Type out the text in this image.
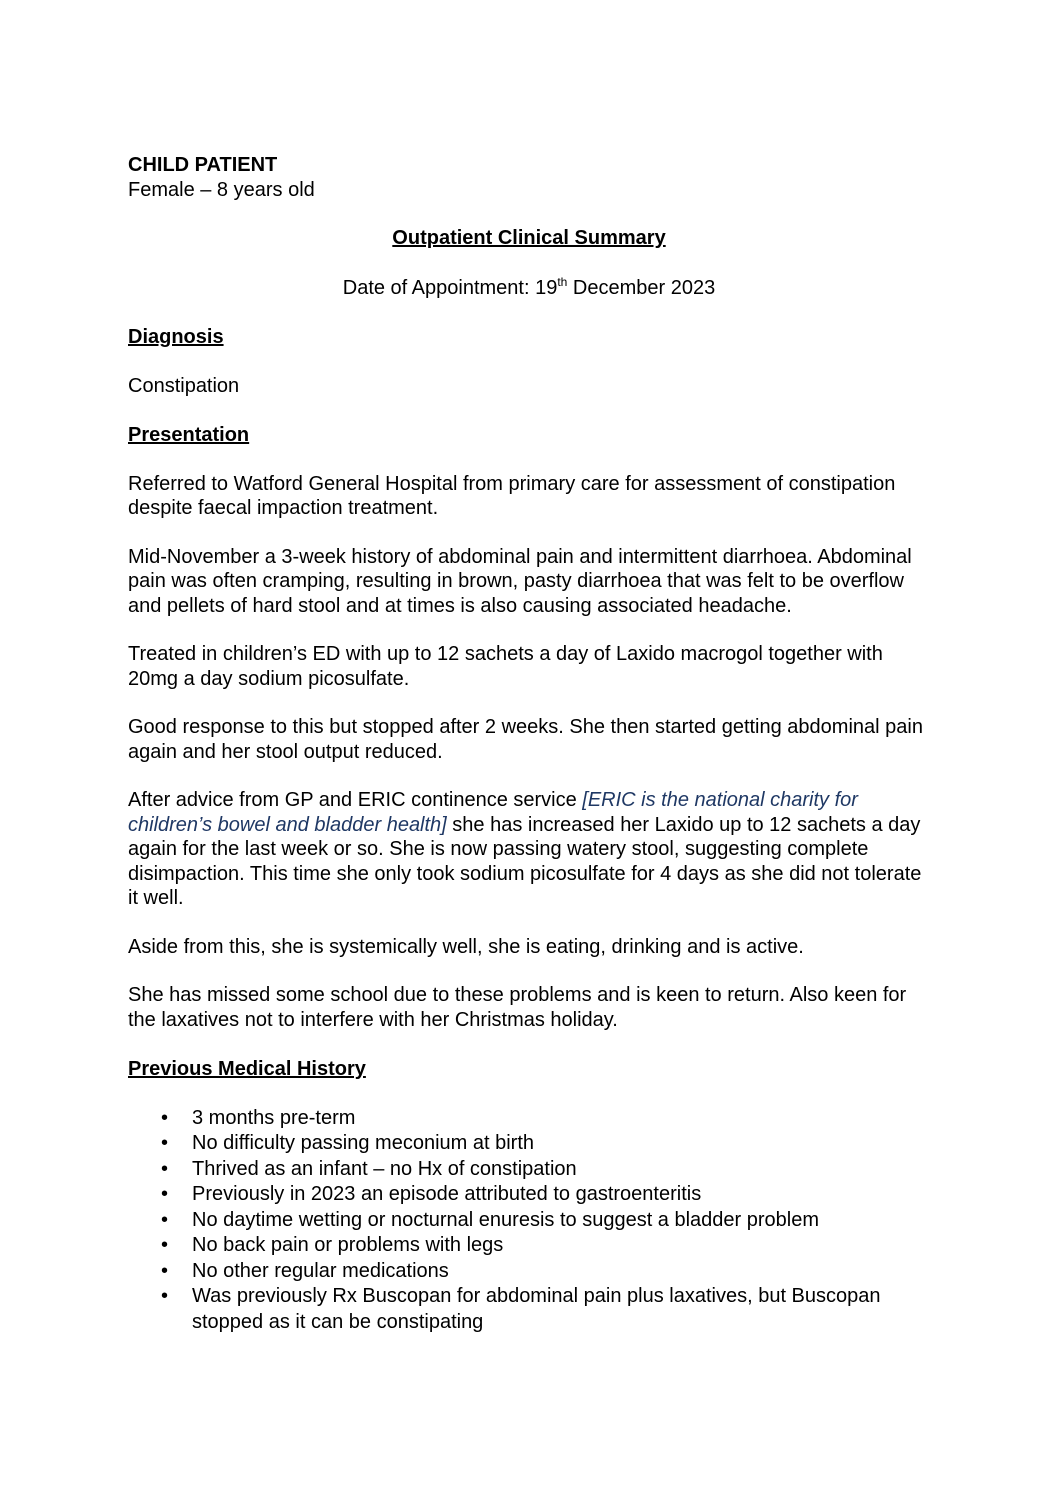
CHILD PATIENT
Female – 8 years old
Outpatient Clinical Summary
Date of Appointment: 19th December 2023
Diagnosis

Constipation

Presentation

Referred to Watford General Hospital from primary care for assessment of constipation despite faecal impaction treatment.

Mid-November a 3-week history of abdominal pain and intermittent diarrhoea. Abdominal pain was often cramping, resulting in brown, pasty diarrhoea that was felt to be overflow and pellets of hard stool and at times is also causing associated headache.

Treated in children’s ED with up to 12 sachets a day of Laxido macrogol together with 20mg a day sodium picosulfate.

Good response to this but stopped after 2 weeks. She then started getting abdominal pain again and her stool output reduced.

After advice from GP and ERIC continence service [ERIC is the national charity for children’s bowel and bladder health] she has increased her Laxido up to 12 sachets a day again for the last week or so. She is now passing watery stool, suggesting complete disimpaction. This time she only took sodium picosulfate for 4 days as she did not tolerate it well.

Aside from this, she is systemically well, she is eating, drinking and is active.

She has missed some school due to these problems and is keen to return. Also keen for the laxatives not to interfere with her Christmas holiday.

Previous Medical History
• 3 months pre-term
• No difficulty passing meconium at birth
• Thrived as an infant – no Hx of constipation
• Previously in 2023 an episode attributed to gastroenteritis
• No daytime wetting or nocturnal enuresis to suggest a bladder problem
• No back pain or problems with legs
• No other regular medications
• Was previously Rx Buscopan for abdominal pain plus laxatives, but Buscopan stopped as it can be constipating
